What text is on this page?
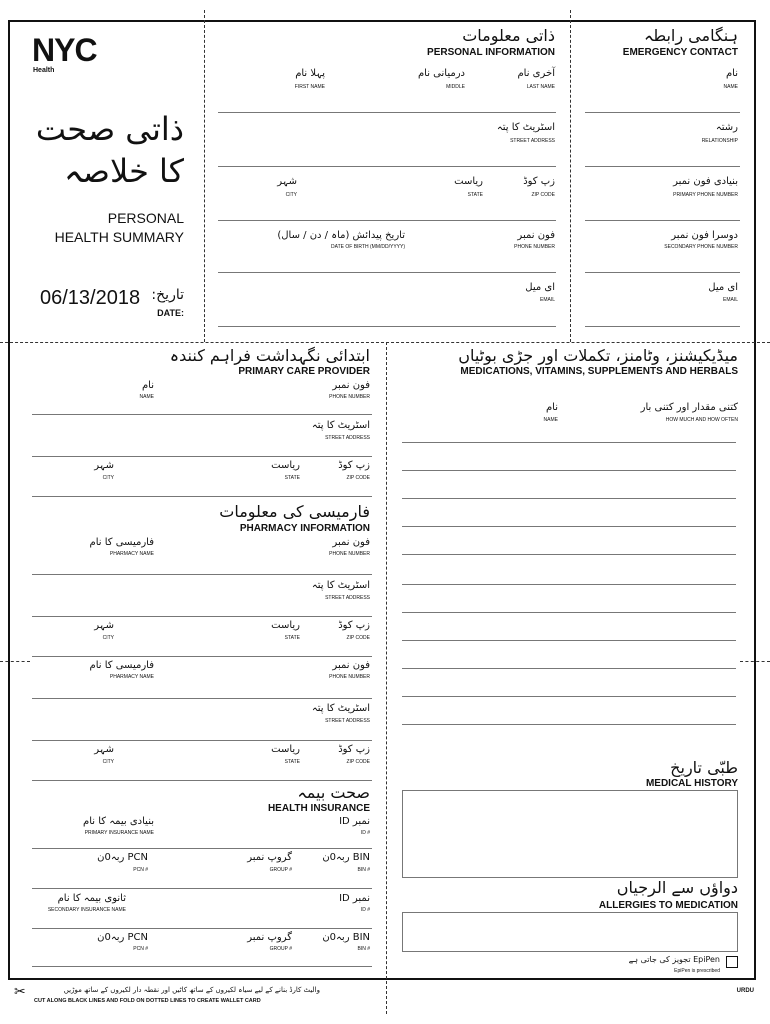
NYC
Health
ذاتی صحت
کا خلاصہ
PERSONAL
HEALTH SUMMARY
06/13/2018 تاریخ:
DATE:
ذاتی معلومات
PERSONAL INFORMATION
آخری نام
LAST NAME
درمیانی نام
MIDDLE
پہلا نام
FIRST NAME
اسٹریٹ کا پتہ
STREET ADDRESS
زپ کوڈ
ZIP CODE
ریاست
STATE
شہر
CITY
فون نمبر
PHONE NUMBER
تاریخ پیدائش (ماہ / دن / سال)
DATE OF BIRTH (MM/DD/YYYY)
ای میل
EMAIL
ہنگامی رابطہ
EMERGENCY CONTACT
نام
NAME
رشتہ
RELATIONSHIP
بنیادی فون نمبر
PRIMARY PHONE NUMBER
دوسرا فون نمبر
SECONDARY PHONE NUMBER
ای میل
EMAIL
ابتدائی نگہداشت فراہم کنندہ
PRIMARY CARE PROVIDER
فون نمبر
PHONE NUMBER
نام
NAME
اسٹریٹ کا پتہ
STREET ADDRESS
زپ کوڈ
ZIP CODE
ریاست
STATE
شہر
CITY
فارمیسی کی معلومات
PHARMACY INFORMATION
فون نمبر
PHONE NUMBER
فارمیسی کا نام
PHARMACY NAME
اسٹریٹ کا پتہ
STREET ADDRESS
زپ کوڈ
ZIP CODE
ریاست
STATE
شہر
CITY
فون نمبر
PHONE NUMBER
فارمیسی کا نام
PHARMACY NAME
اسٹریٹ کا پتہ
STREET ADDRESS
زپ کوڈ
ZIP CODE
ریاست
STATE
شہر
CITY
صحت بیمہ
HEALTH INSURANCE
نمبر ID
ID #
بنیادی بیمہ کا نام
PRIMARY INSURANCE NAME
BIN ربہ0ن
BIN #
گروپ نمبر
GROUP #
PCN ربہ0ن
PCN #
نمبر ID
ID #
ثانوی بیمہ کا نام
SECONDARY INSURANCE NAME
BIN ربہ0ن
BIN #
گروپ نمبر
GROUP #
PCN ربہ0ن
PCN #
میڈیکیشنز، وٹامنز، تکملات اور جڑی بوٹیاں
MEDICATIONS, VITAMINS, SUPPLEMENTS AND HERBALS
کتنی مقدار اور کتنی بار
HOW MUCH AND HOW OFTEN
نام
NAME
طبّی تاریخ
MEDICAL HISTORY
دواؤں سے الرجیاں
ALLERGIES TO MEDICATION
EpiPen تجویز کی جاتی ہے
EpiPen is prescribed
✂	والیٹ کارڈ بنانے کے لیے سیاہ لکیروں کے ساتھ کاٹیں اور نقطہ دار لکیروں کے ساتھ موڑیں
CUT ALONG BLACK LINES AND FOLD ON DOTTED LINES TO CREATE WALLET CARD
URDU
